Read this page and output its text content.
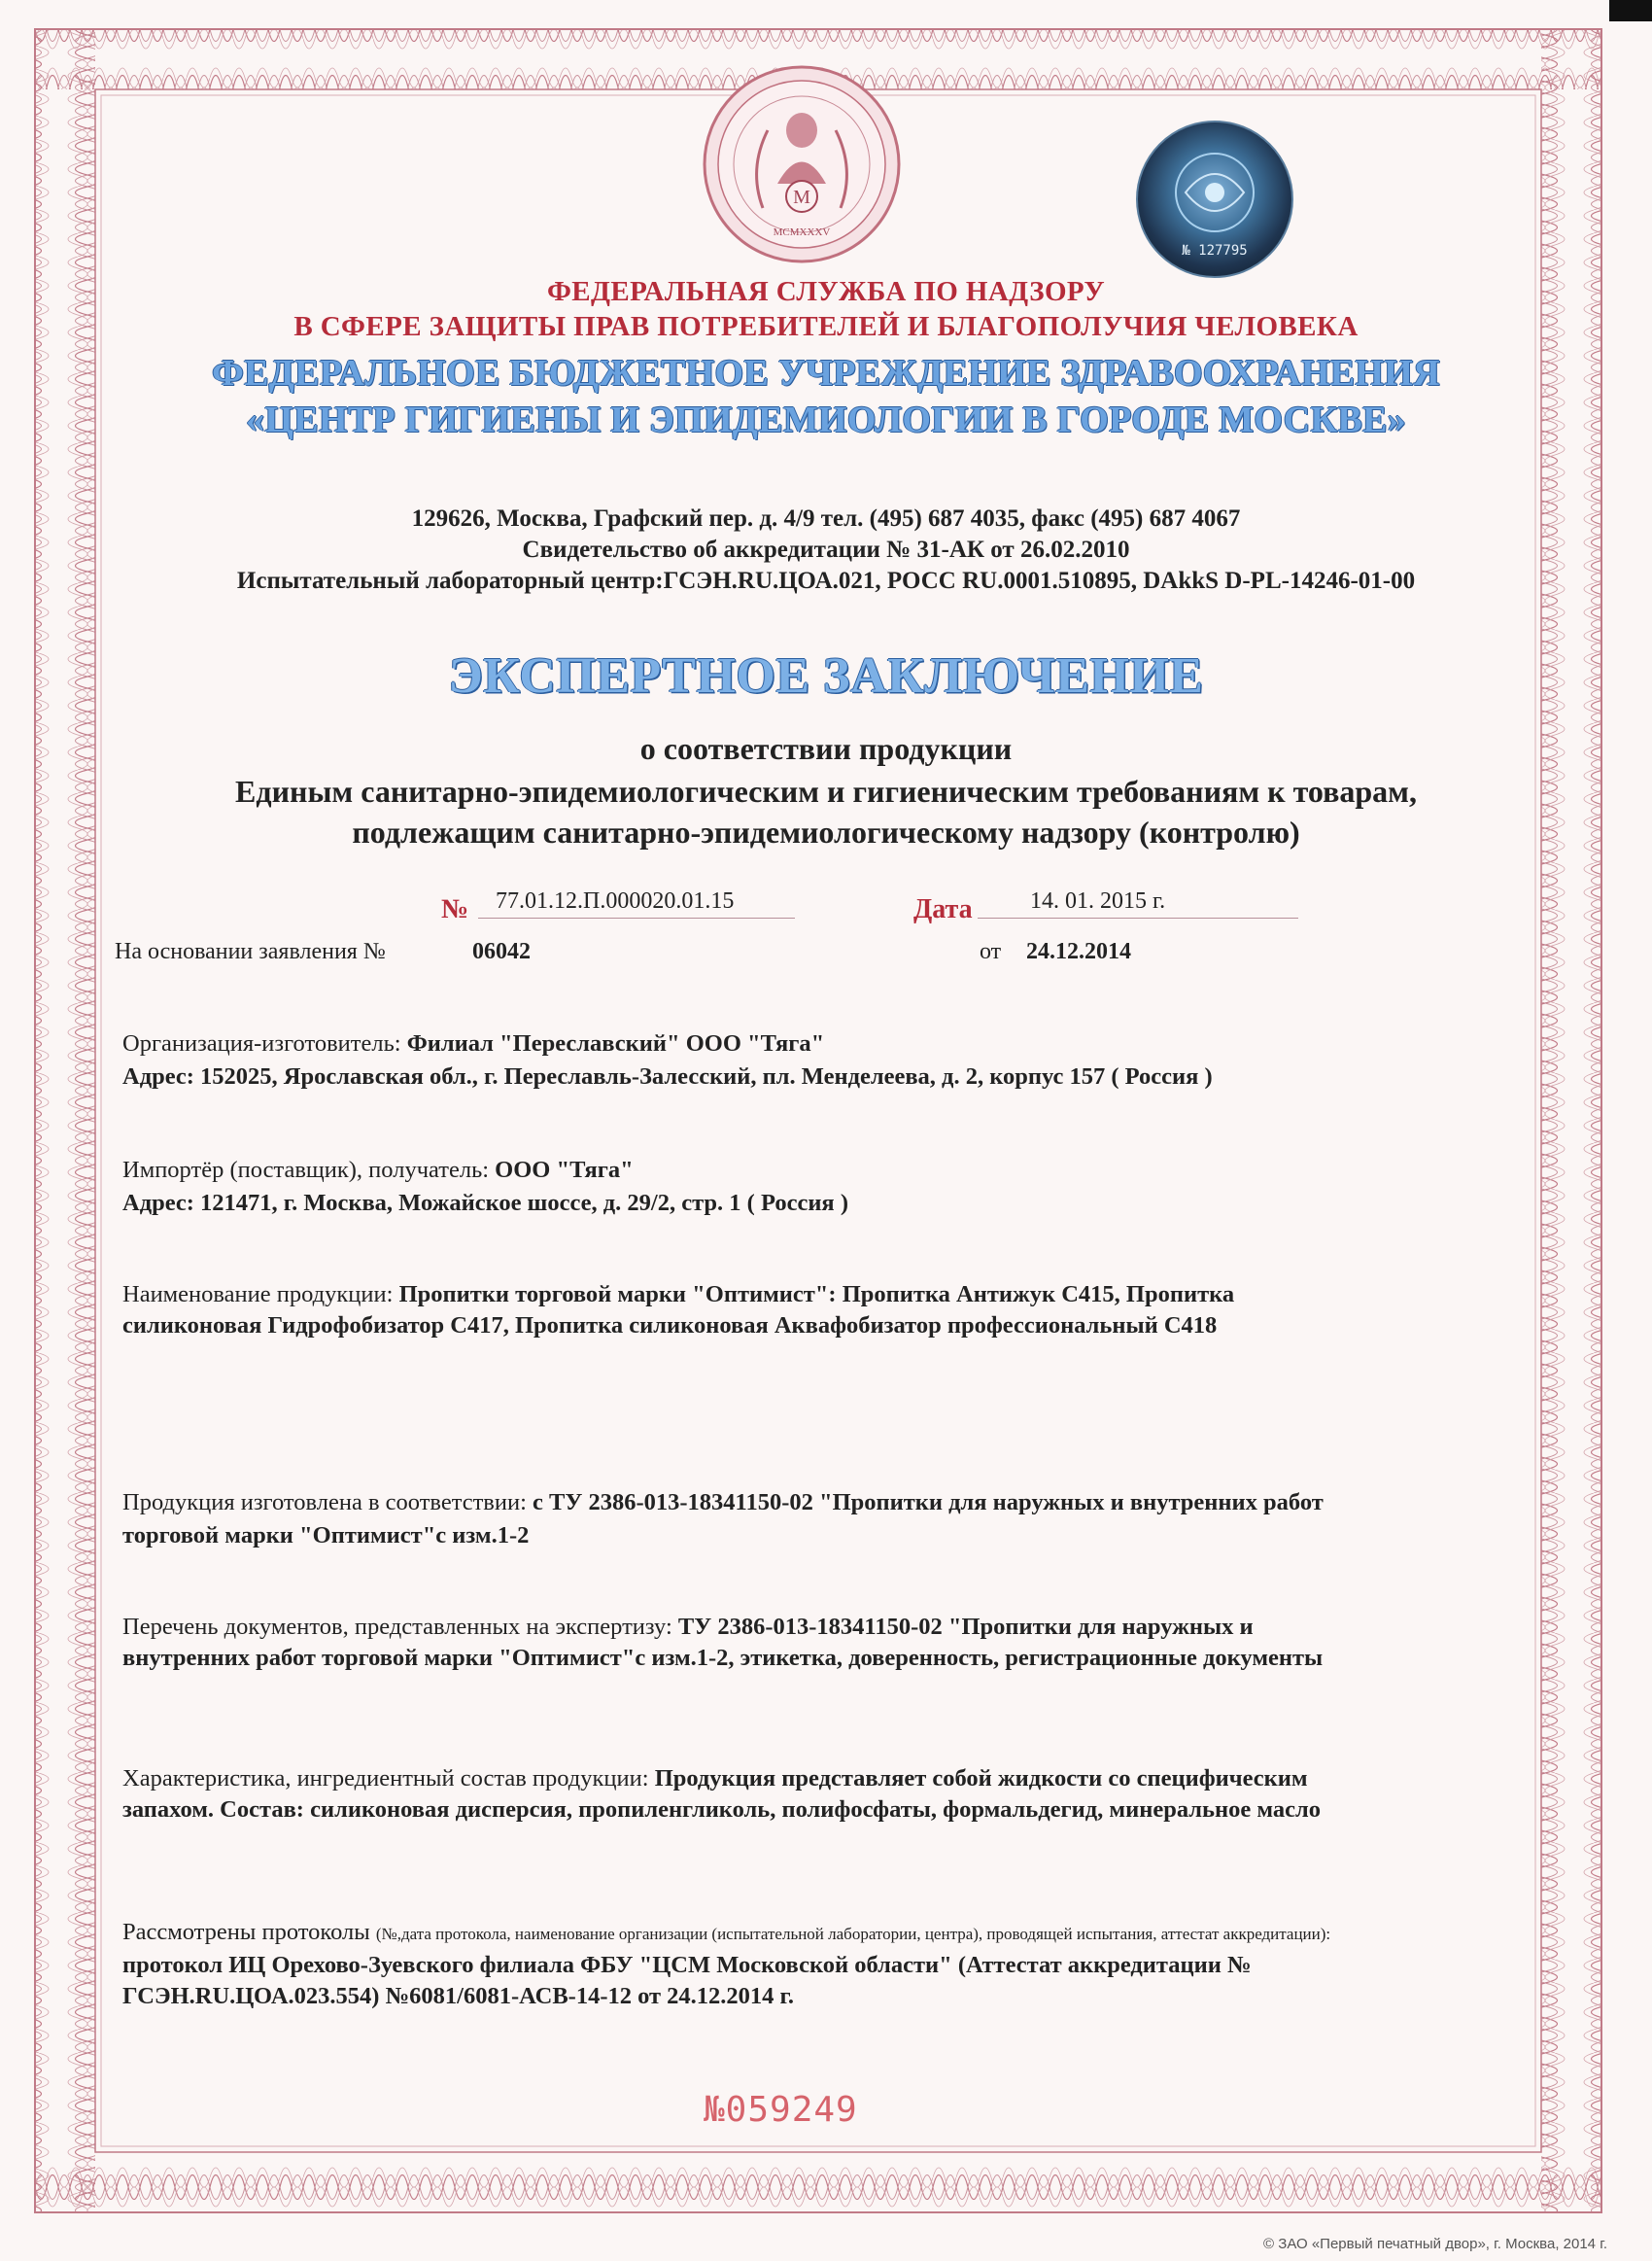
M
MCMXXXV
№ 127795
ФЕДЕРАЛЬНАЯ СЛУЖБА ПО НАДЗОРУ
В СФЕРЕ ЗАЩИТЫ ПРАВ ПОТРЕБИТЕЛЕЙ И БЛАГОПОЛУЧИЯ ЧЕЛОВЕКА
ФЕДЕРАЛЬНОЕ БЮДЖЕТНОЕ УЧРЕЖДЕНИЕ ЗДРАВООХРАНЕНИЯ
«ЦЕНТР ГИГИЕНЫ И ЭПИДЕМИОЛОГИИ В ГОРОДЕ МОСКВЕ»
129626, Москва, Графский пер. д. 4/9 тел. (495) 687 4035, факс (495) 687 4067
Свидетельство об аккредитации № 31-АК от 26.02.2010
Испытательный лабораторный центр:ГСЭН.RU.ЦОА.021, РОСС RU.0001.510895, DAkkS D-PL-14246-01-00
ЭКСПЕРТНОЕ ЗАКЛЮЧЕНИЕ
о соответствии продукции
Единым санитарно-эпидемиологическим и гигиеническим требованиям к товарам,
подлежащим санитарно-эпидемиологическому надзору (контролю)
№ 77.01.12.П.000020.01.15	Дата 14. 01. 2015 г.
На основании заявления №	06042	от 24.12.2014
Организация-изготовитель: Филиал "Переславский" ООО "Тяга"
Адрес: 152025, Ярославская обл., г. Переславль-Залесский, пл. Менделеева, д. 2, корпус 157 ( Россия )
Импортёр (поставщик), получатель: ООО "Тяга"
Адрес: 121471, г. Москва, Можайское шоссе, д. 29/2, стр. 1 ( Россия )
Наименование продукции: Пропитки торговой марки "Оптимист": Пропитка Антижук С415, Пропитка
силиконовая Гидрофобизатор С417, Пропитка силиконовая Аквафобизатор профессиональный С418
Продукция изготовлена в соответствии: с ТУ 2386-013-18341150-02 "Пропитки для наружных и внутренних работ
торговой марки "Оптимист"с изм.1-2
Перечень документов, представленных на экспертизу: ТУ 2386-013-18341150-02 "Пропитки для наружных и
внутренних работ торговой марки "Оптимист"с изм.1-2, этикетка, доверенность, регистрационные документы
Характеристика, ингредиентный состав продукции: Продукция представляет собой жидкости со специфическим
запахом. Состав: силиконовая дисперсия, пропиленгликоль, полифосфаты, формальдегид, минеральное масло
Рассмотрены протоколы (№,дата протокола, наименование организации (испытательной лаборатории, центра), проводящей испытания, аттестат аккредитации):
протокол ИЦ Орехово-Зуевского филиала ФБУ "ЦСМ Московской области" (Аттестат аккредитации №
ГСЭН.RU.ЦОА.023.554) №6081/6081-АСВ-14-12 от 24.12.2014 г.
№059249
© ЗАО «Первый печатный двор», г. Москва, 2014 г.
